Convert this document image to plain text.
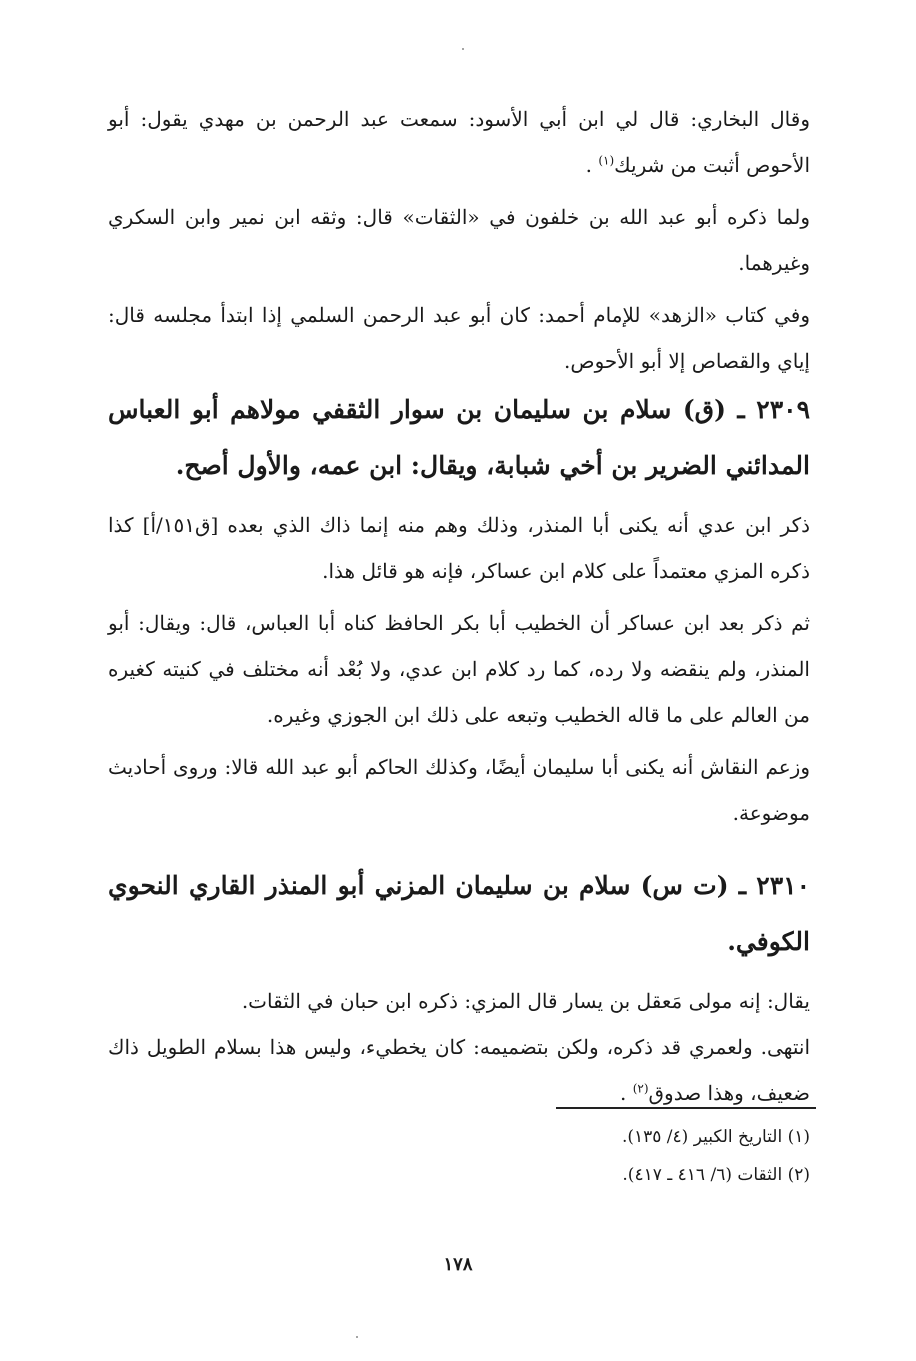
وقال البخاري: قال لي ابن أبي الأسود: سمعت عبد الرحمن بن مهدي يقول: أبو الأحوص أثبت من شريك$^{(١)}$ .

ولما ذكره أبو عبد الله بن خلفون في «الثقات» قال: وثقه ابن نمير وابن السكري وغيرهما.

وفي كتاب «الزهد» للإمام أحمد: كان أبو عبد الرحمن السلمي إذا ابتدأ مجلسه قال: إياي والقصاص إلا أبو الأحوص.

٢٣٠٩ ـ (ق) سلام بن سليمان بن سوار الثقفي مولاهم أبو العباس المدائني الضرير بن أخي شبابة، ويقال: ابن عمه، والأول أصح.

ذكر ابن عدي أنه يكنى أبا المنذر، وذلك وهم منه إنما ذاك الذي بعده [ق١٥١/أ] كذا ذكره المزي معتمداً على كلام ابن عساكر، فإنه هو قائل هذا.

ثم ذكر بعد ابن عساكر أن الخطيب أبا بكر الحافظ كناه أبا العباس، قال: ويقال: أبو المنذر، ولم ينقضه ولا رده، كما رد كلام ابن عدي، ولا بُعْد أنه مختلف في كنيته كغيره من العالم على ما قاله الخطيب وتبعه على ذلك ابن الجوزي وغيره.

وزعم النقاش أنه يكنى أبا سليمان أيضًا، وكذلك الحاكم أبو عبد الله قالا: وروى أحاديث موضوعة.

٢٣١٠ ـ (ت س) سلام بن سليمان المزني أبو المنذر القاري النحوي الكوفي.

يقال: إنه مولى مَعقل بن يسار قال المزي: ذكره ابن حبان في الثقات.

انتهى. ولعمري قد ذكره، ولكن بتضميمه: كان يخطيء، وليس هذا بسلام الطويل ذاك ضعيف، وهذا صدوق$^{(٢)}$ .

(١) التاريخ الكبير (٤/ ١٣٥).

(٢) الثقات (٦/ ٤١٦ ـ ٤١٧).

١٧٨
